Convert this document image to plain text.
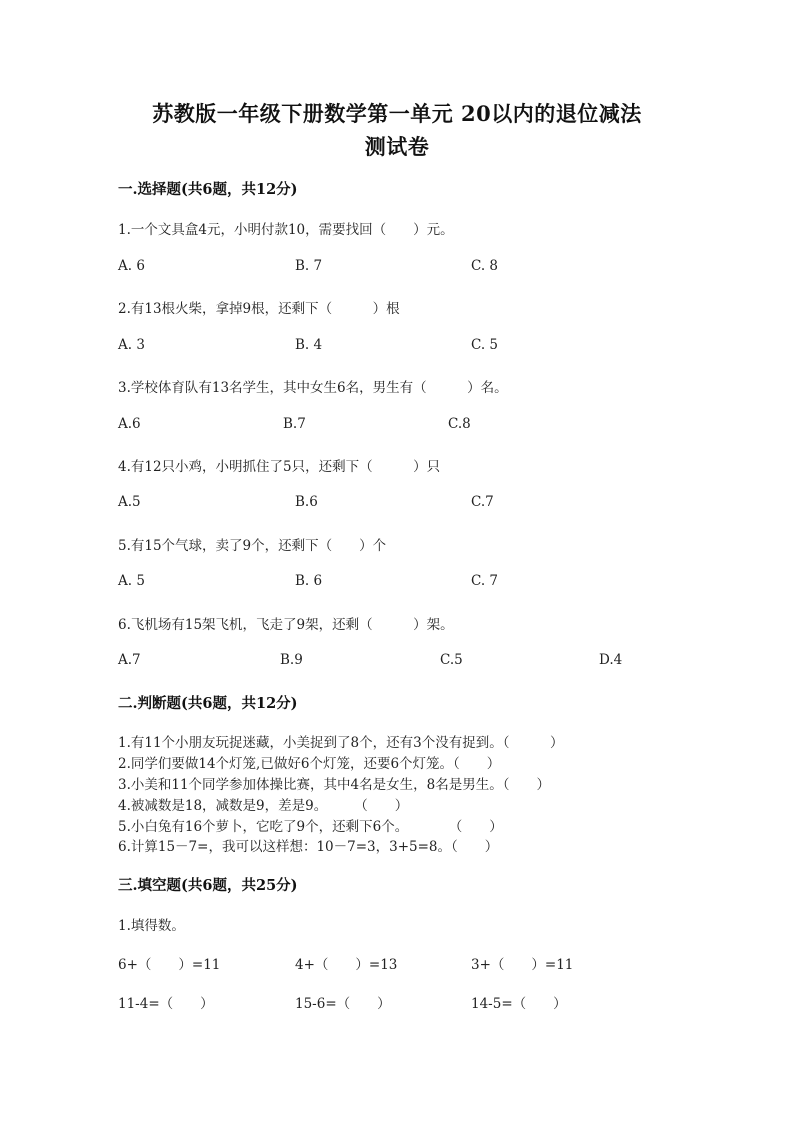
苏教版一年级下册数学第一单元 20以内的退位减法
测试卷
一.选择题(共6题，共12分)
1.一个文具盒4元，小明付款10，需要找回（　　）元。
A. 6	B. 7	C. 8
2.有13根火柴，拿掉9根，还剩下（　　　）根
A. 3	B. 4	C. 5
3.学校体育队有13名学生，其中女生6名，男生有（　　　）名。
A.6	B.7	C.8
4.有12只小鸡，小明抓住了5只，还剩下（　　　）只
A.5	B.6	C.7
5.有15个气球，卖了9个，还剩下（　　）个
A. 5	B. 6	C. 7
6.飞机场有15架飞机，飞走了9架，还剩（　　　）架。
A.7	B.9	C.5	D.4
二.判断题(共6题，共12分)
1.有11个小朋友玩捉迷藏，小美捉到了8个，还有3个没有捉到。（　　　）
2.同学们要做14个灯笼,已做好6个灯笼，还要6个灯笼。（　　）
3.小美和11个同学参加体操比赛，其中4名是女生，8名是男生。（　　）
4.被减数是18，减数是9，差是9。　　　（　　）
5.小白兔有16个萝卜，它吃了9个，还剩下6个。　　　　（　　）
6.计算15－7=，我可以这样想：10－7=3，3+5=8。（　　）
三.填空题(共6题，共25分)
1.填得数。
6+（　　）=11	4+（　　）=13	3+（　　）=11
11-4=（　　）	15-6=（　　）	14-5=（　　）
